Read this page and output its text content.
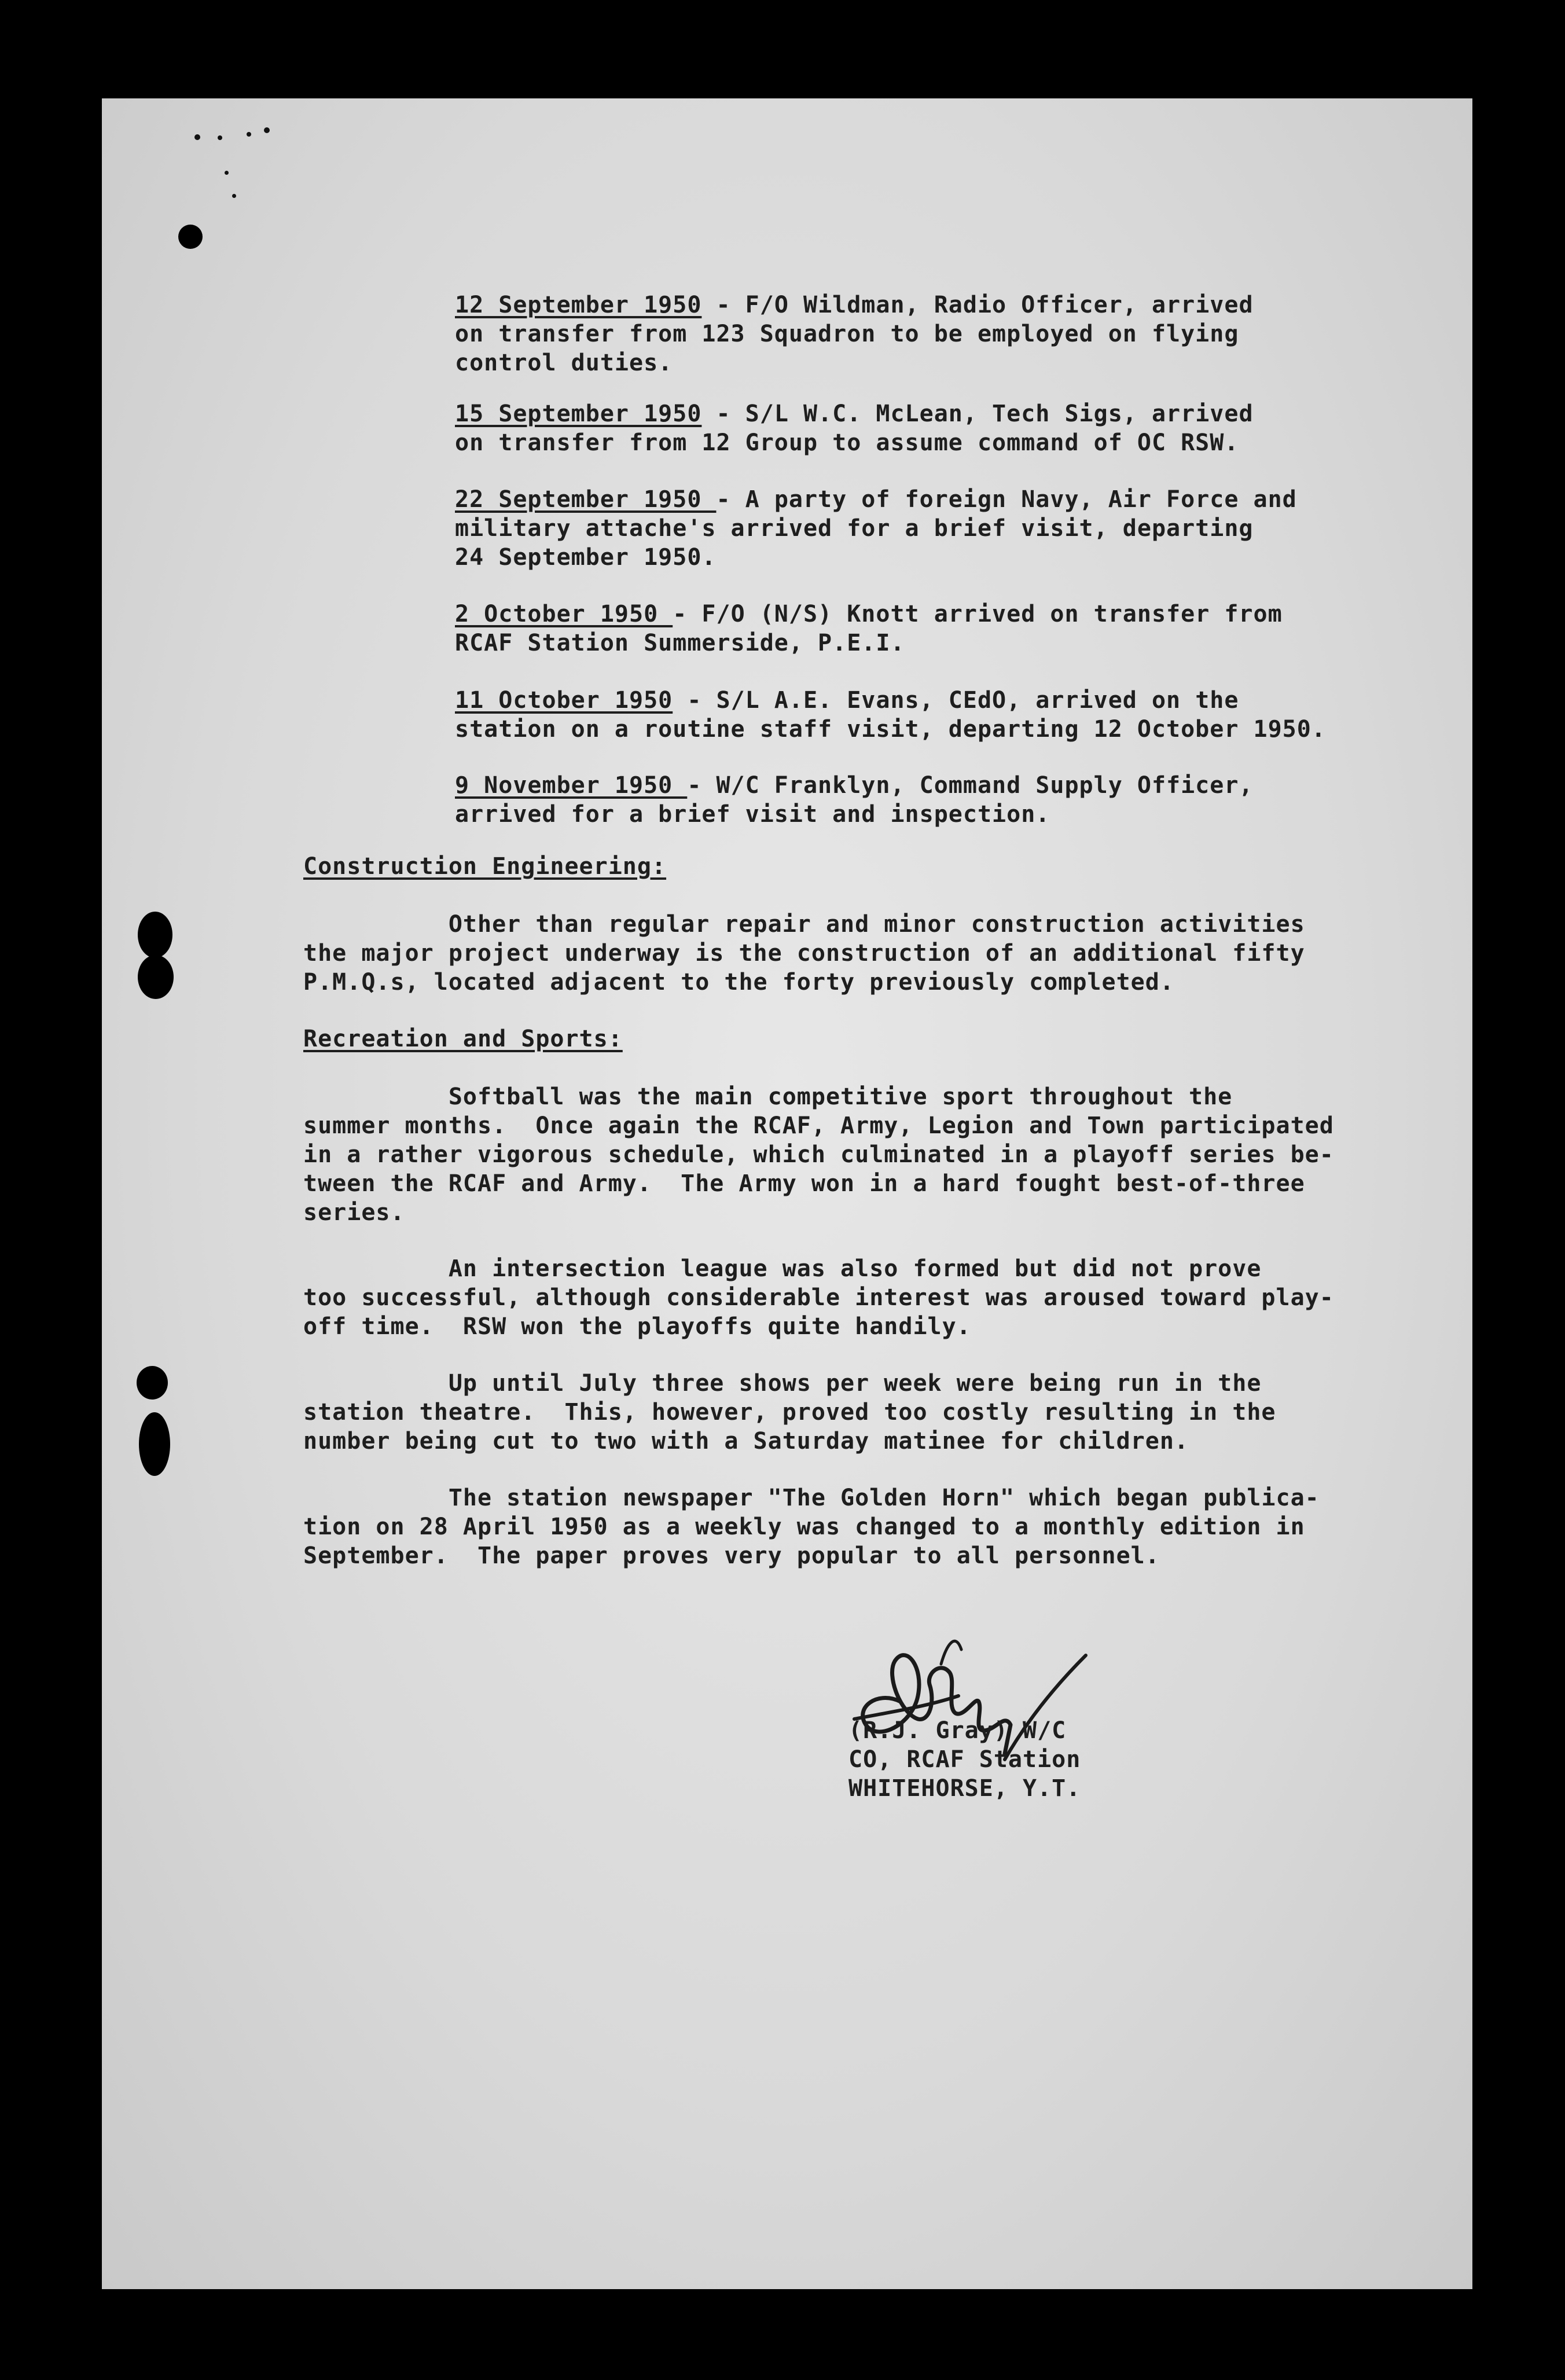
12 September 1950 - F/O Wildman, Radio Officer, arrived
on transfer from 123 Squadron to be employed on flying
control duties.

15 September 1950 - S/L W.C. McLean, Tech Sigs, arrived
on transfer from 12 Group to assume command of OC RSW.

22 September 1950 - A party of foreign Navy, Air Force and
military attache's arrived for a brief visit, departing
24 September 1950.

2 October 1950 - F/O (N/S) Knott arrived on transfer from
RCAF Station Summerside, P.E.I.

11 October 1950 - S/L A.E. Evans, CEdO, arrived on the
station on a routine staff visit, departing 12 October 1950.

9 November 1950 - W/C Franklyn, Command Supply Officer,
arrived for a brief visit and inspection.

Construction Engineering:

Other than regular repair and minor construction activities
the major project underway is the construction of an additional fifty
P.M.Q.s, located adjacent to the forty previously completed.

Recreation and Sports:

Softball was the main competitive sport throughout the
summer months.  Once again the RCAF, Army, Legion and Town participated
in a rather vigorous schedule, which culminated in a playoff series be-
tween the RCAF and Army.  The Army won in a hard fought best-of-three
series.

An intersection league was also formed but did not prove
too successful, although considerable interest was aroused toward play-
off time.  RSW won the playoffs quite handily.

Up until July three shows per week were being run in the
station theatre.  This, however, proved too costly resulting in the
number being cut to two with a Saturday matinee for children.

The station newspaper "The Golden Horn" which began publica-
tion on 28 April 1950 as a weekly was changed to a monthly edition in
September.  The paper proves very popular to all personnel.

(R.J. Gray) W/C
CO, RCAF Station
WHITEHORSE, Y.T.
